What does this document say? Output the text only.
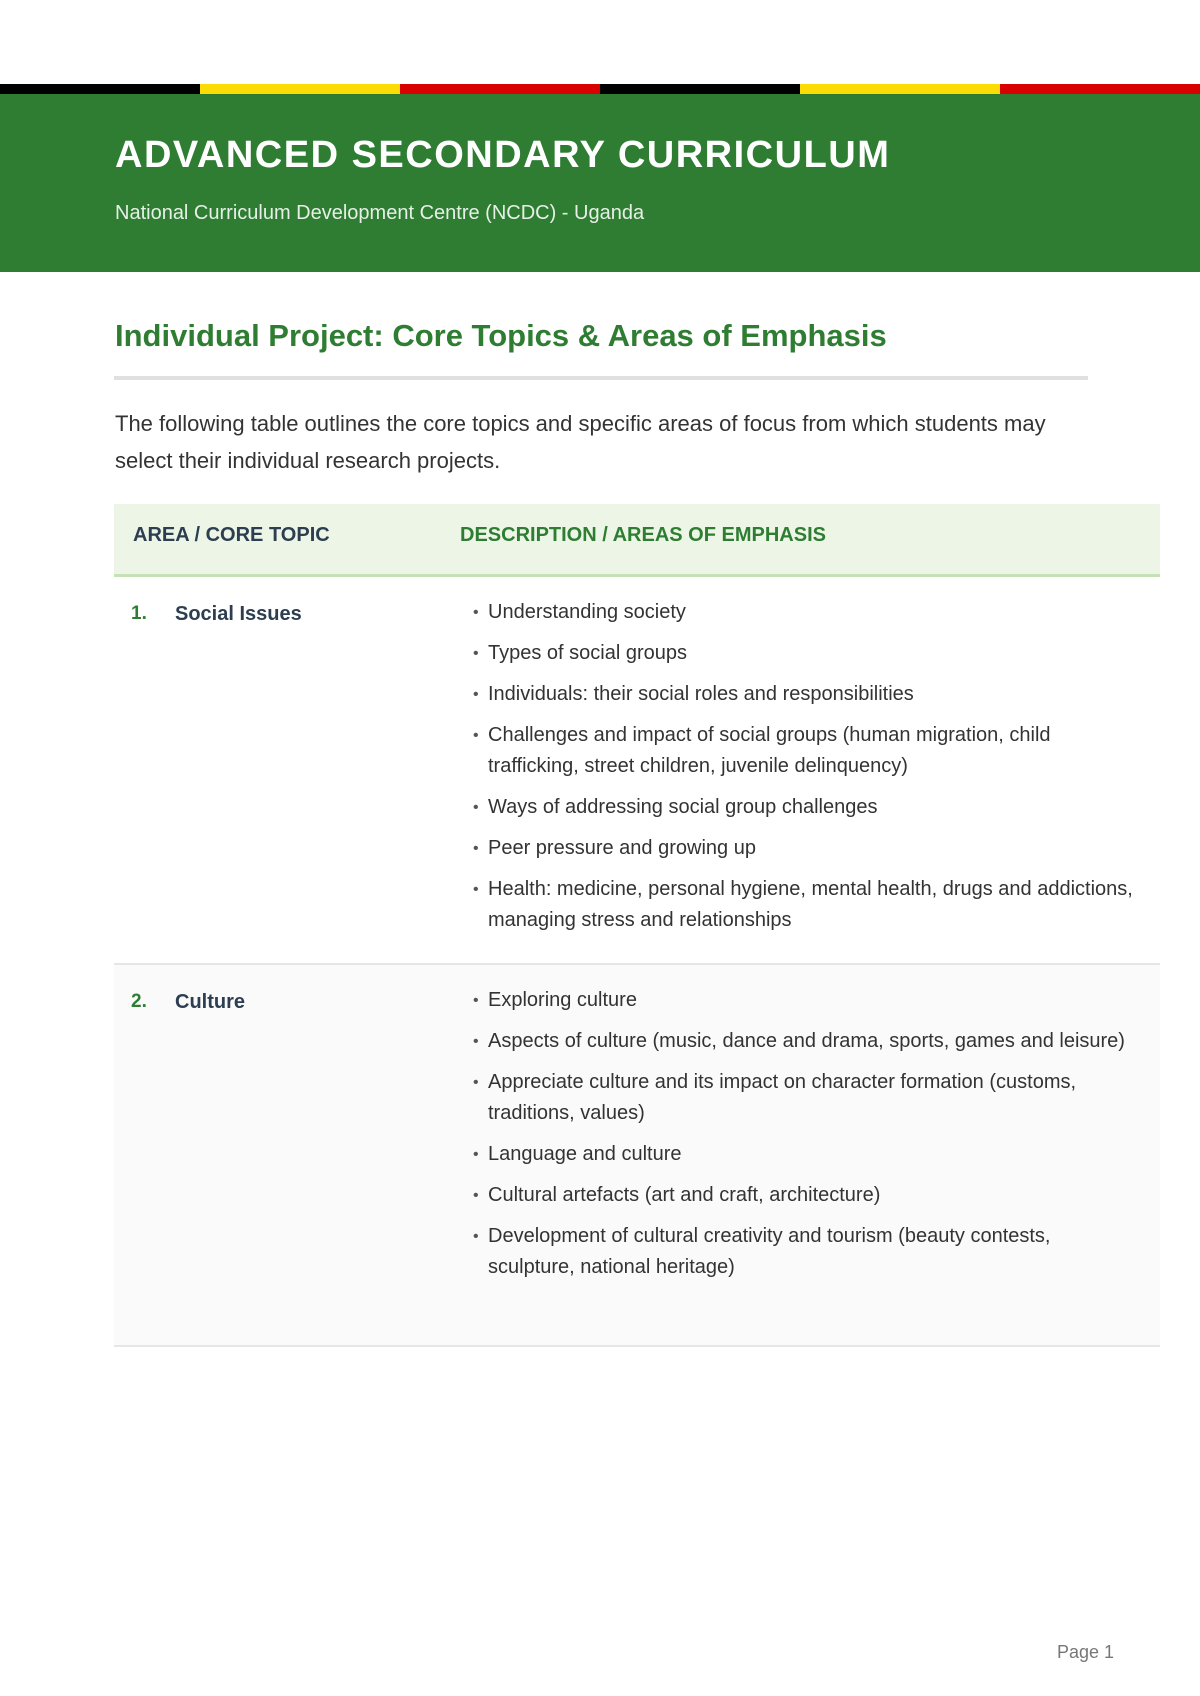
ADVANCED SECONDARY CURRICULUM
National Curriculum Development Centre (NCDC) - Uganda
Individual Project: Core Topics & Areas of Emphasis

The following table outlines the core topics and specific areas of focus from which students may select their individual research projects.

AREA / CORE TOPIC	DESCRIPTION / AREAS OF EMPHASIS
1. Social Issues	• Understanding society
• Types of social groups
• Individuals: their social roles and responsibilities
• Challenges and impact of social groups (human migration, child trafficking, street children, juvenile delinquency)
• Ways of addressing social group challenges
• Peer pressure and growing up
• Health: medicine, personal hygiene, mental health, drugs and addictions, managing stress and relationships
2. Culture	• Exploring culture
• Aspects of culture (music, dance and drama, sports, games and leisure)
• Appreciate culture and its impact on character formation (customs, traditions, values)
• Language and culture
• Cultural artefacts (art and craft, architecture)
• Development of cultural creativity and tourism (beauty contests, sculpture, national heritage)
Page 1
